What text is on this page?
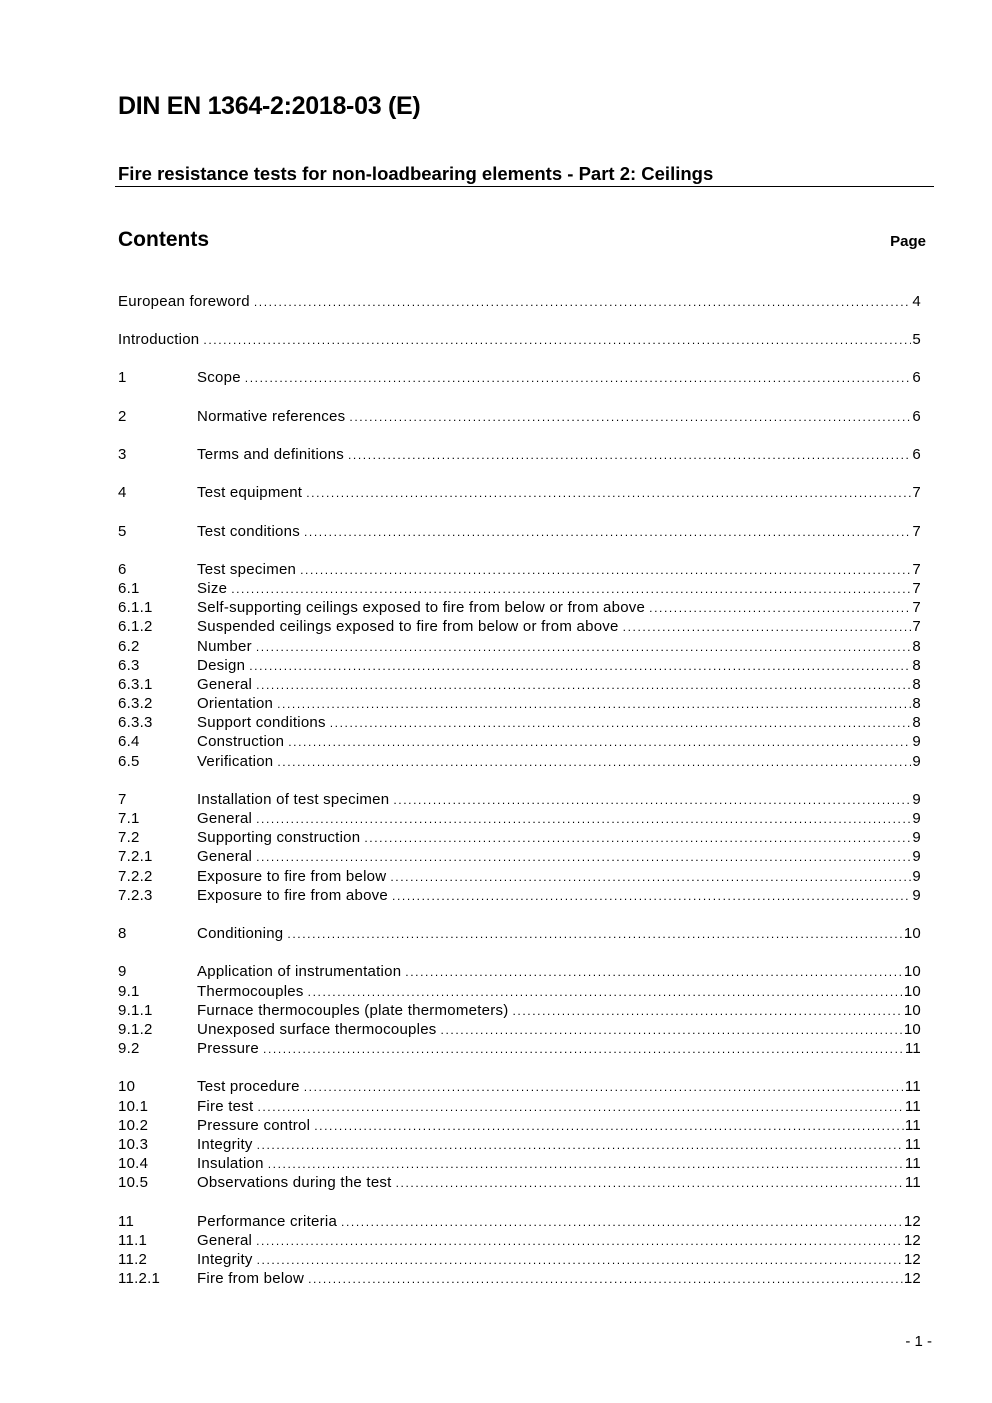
DIN EN 1364-2:2018-03 (E)
Fire resistance tests for non-loadbearing elements - Part 2: Ceilings
Contents	Page
European foreword .....	4
Introduction .....	5
1	Scope .....	6
2	Normative references .....	6
3	Terms and definitions .....	6
4	Test equipment .....	7
5	Test conditions .....	7
6	Test specimen .....	7
6.1	Size .....	7
6.1.1	Self-supporting ceilings exposed to fire from below or from above .....	7
6.1.2	Suspended ceilings exposed to fire from below or from above .....	7
6.2	Number .....	8
6.3	Design .....	8
6.3.1	General .....	8
6.3.2	Orientation .....	8
6.3.3	Support conditions .....	8
6.4	Construction .....	9
6.5	Verification .....	9
7	Installation of test specimen .....	9
7.1	General .....	9
7.2	Supporting construction .....	9
7.2.1	General .....	9
7.2.2	Exposure to fire from below .....	9
7.2.3	Exposure to fire from above .....	9
8	Conditioning .....	10
9	Application of instrumentation .....	10
9.1	Thermocouples .....	10
9.1.1	Furnace thermocouples (plate thermometers) .....	10
9.1.2	Unexposed surface thermocouples .....	10
9.2	Pressure .....	11
10	Test procedure .....	11
10.1	Fire test .....	11
10.2	Pressure control .....	11
10.3	Integrity .....	11
10.4	Insulation .....	11
10.5	Observations during the test .....	11
11	Performance criteria .....	12
11.1	General .....	12
11.2	Integrity .....	12
11.2.1	Fire from below .....	12
- 1 -
